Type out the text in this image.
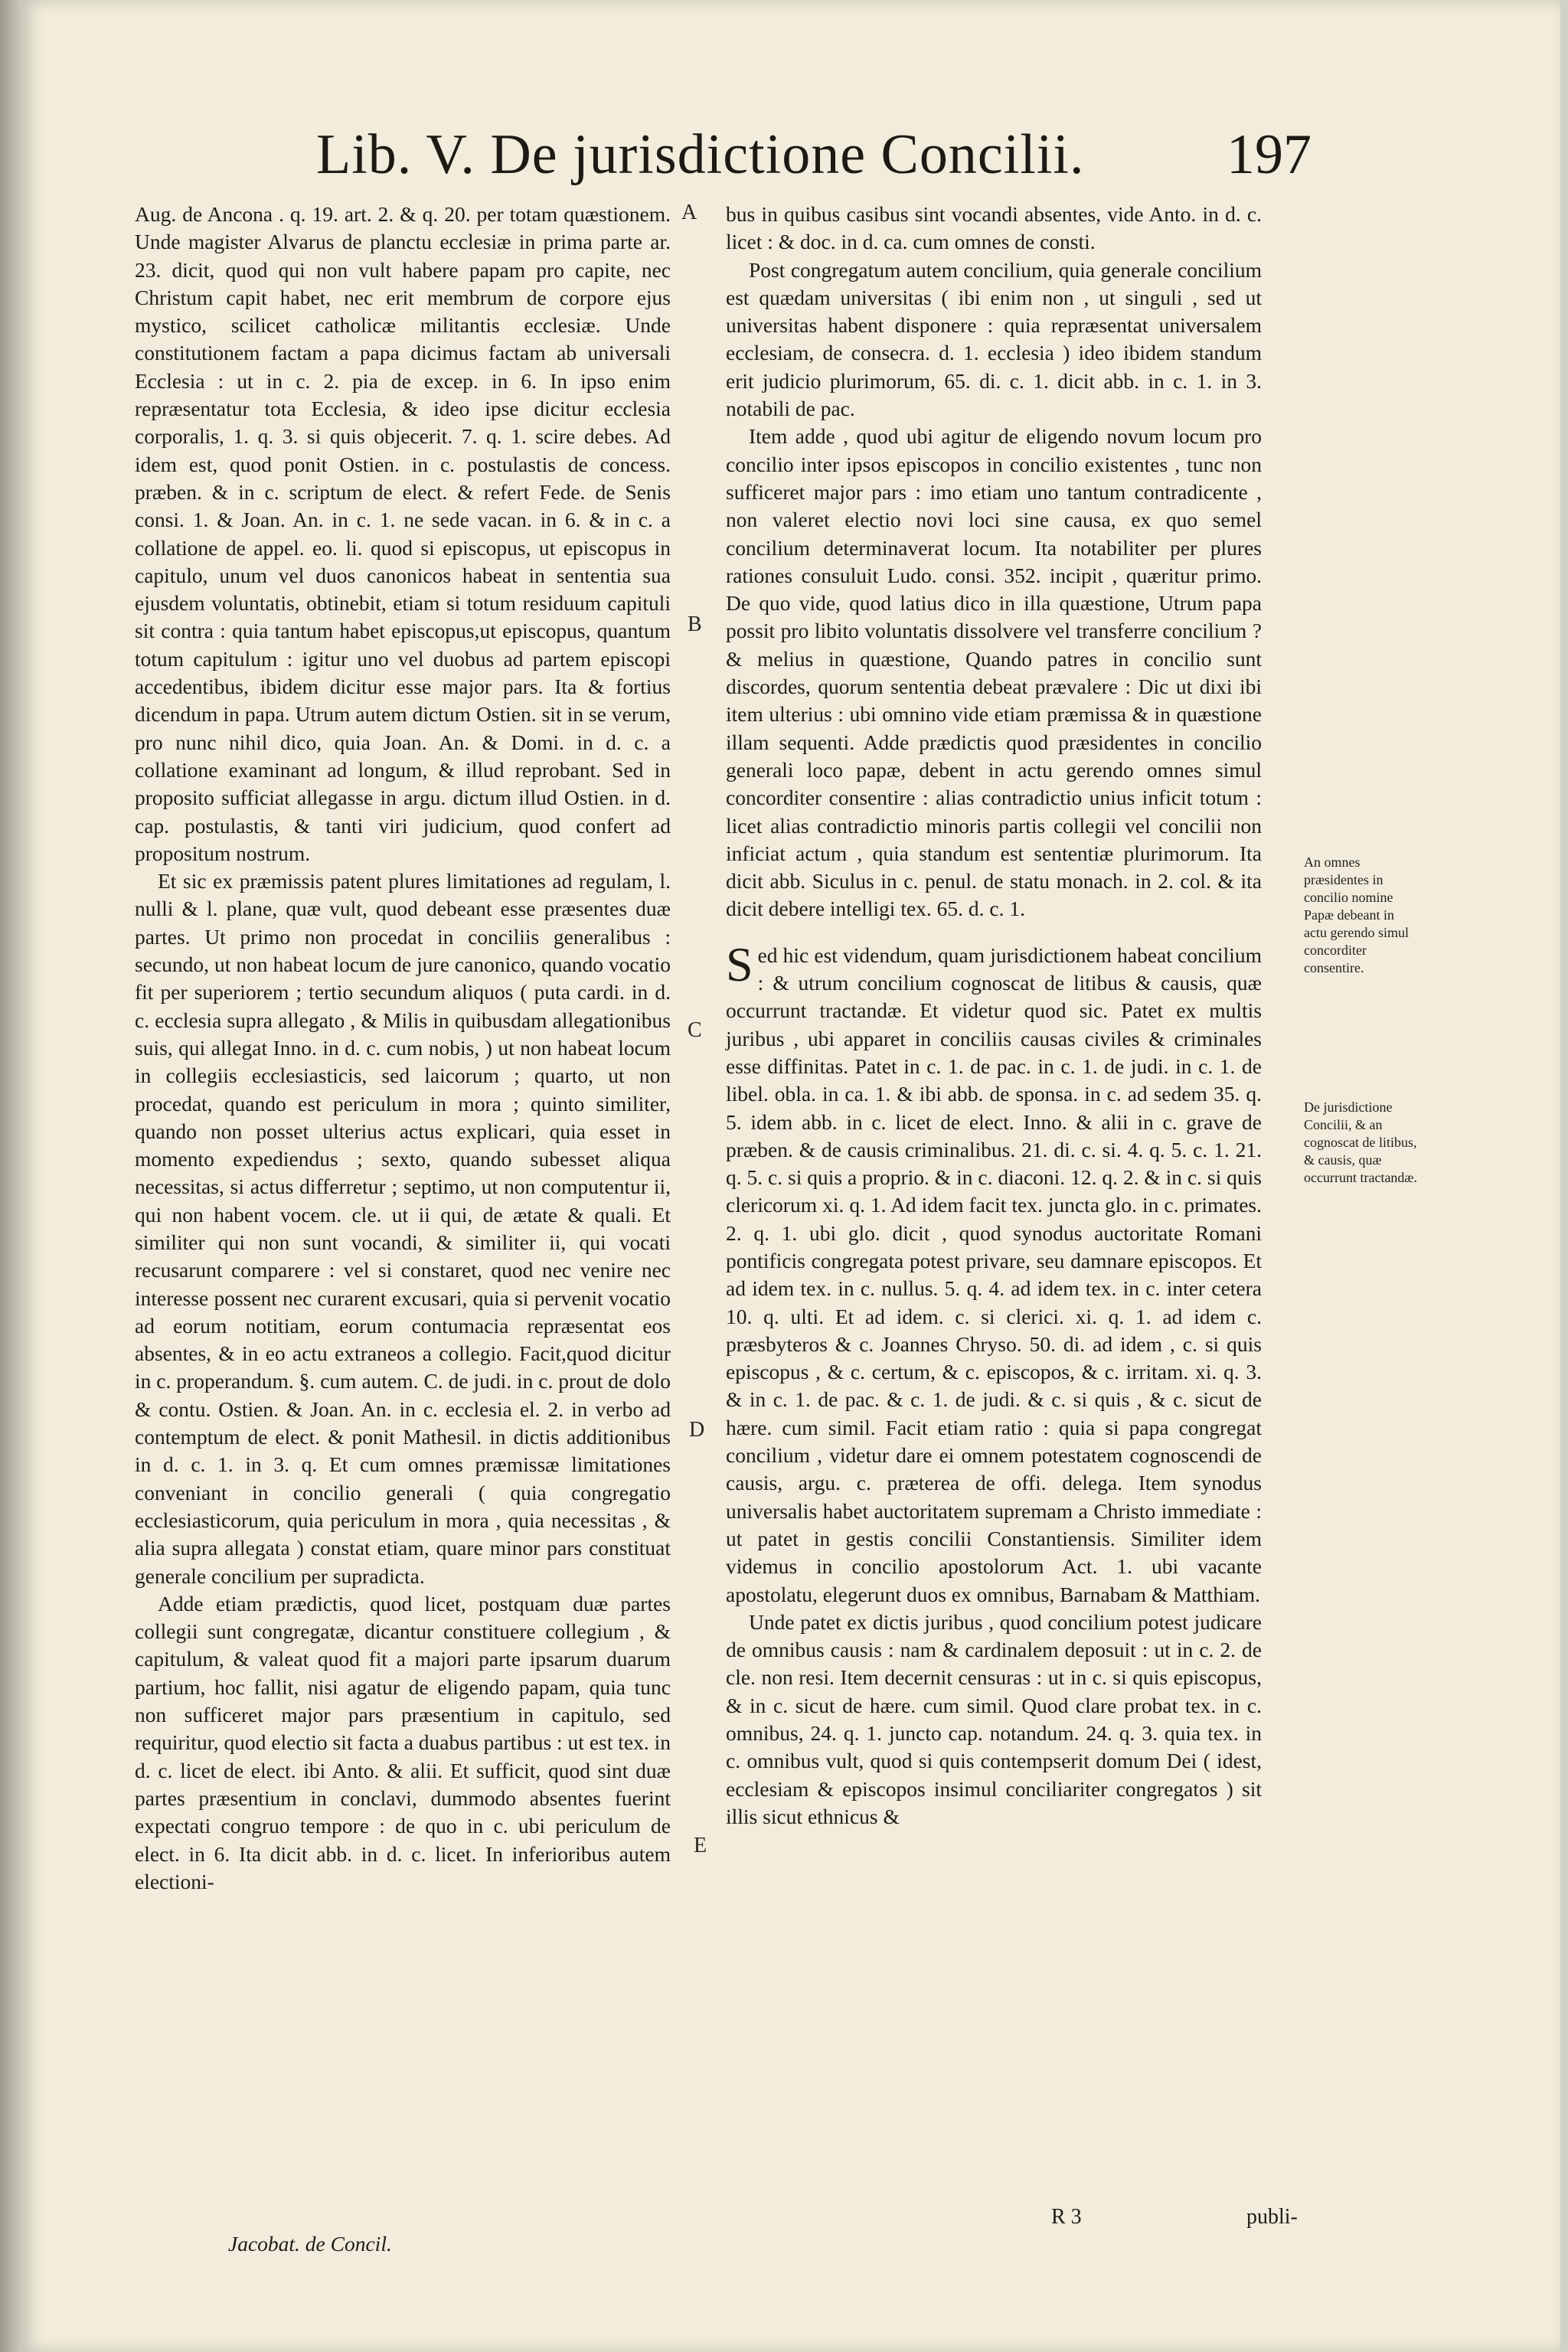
Lib. V. De jurisdictione Concilii.	197

Aug. de Ancona . q. 19. art. 2. & q. 20. per totam quæstionem. Unde magister Alvarus de planctu ecclesiæ in prima parte ar. 23. dicit, quod qui non vult habere papam pro capite, nec Christum capit habet, nec erit membrum de corpore ejus mystico, scilicet catholicæ militantis ecclesiæ. Unde constitutionem factam a papa dicimus factam ab universali Ecclesia : ut in c. 2. pia de excep. in 6. In ipso enim repræsentatur tota Ecclesia, & ideo ipse dicitur ecclesia corporalis, 1. q. 3. si quis objecerit. 7. q. 1. scire debes. Ad idem est, quod ponit Ostien. in c. postulastis de concess. præben. & in c. scriptum de elect. & refert Fede. de Senis consi. 1. & Joan. An. in c. 1. ne sede vacan. in 6. & in c. a collatione de appel. eo. li. quod si episcopus, ut episcopus in capitulo, unum vel duos canonicos habeat in sententia sua ejusdem voluntatis, obtinebit, etiam si totum residuum capituli sit contra : quia tantum habet episcopus,ut episcopus, quantum totum capitulum : igitur uno vel duobus ad partem episcopi accedentibus, ibidem dicitur esse major pars. Ita & fortius dicendum in papa. Utrum autem dictum Ostien. sit in se verum, pro nunc nihil dico, quia Joan. An. & Domi. in d. c. a collatione examinant ad longum, & illud reprobant. Sed in proposito sufficiat allegasse in argu. dictum illud Ostien. in d. cap. postulastis, & tanti viri judicium, quod confert ad propositum nostrum.

Et sic ex præmissis patent plures limitationes ad regulam, l. nulli & l. plane, quæ vult, quod debeant esse præsentes duæ partes. Ut primo non procedat in conciliis generalibus : secundo, ut non habeat locum de jure canonico, quando vocatio fit per superiorem ; tertio secundum aliquos ( puta cardi. in d. c. ecclesia supra allegato , & Milis in quibusdam allegationibus suis, qui allegat Inno. in d. c. cum nobis, ) ut non habeat locum in collegiis ecclesiasticis, sed laicorum ; quarto, ut non procedat, quando est periculum in mora ; quinto similiter, quando non posset ulterius actus explicari, quia esset in momento expediendus ; sexto, quando subesset aliqua necessitas, si actus differretur ; septimo, ut non computentur ii, qui non habent vocem. cle. ut ii qui, de ætate & quali. Et similiter qui non sunt vocandi, & similiter ii, qui vocati recusarunt comparere : vel si constaret, quod nec venire nec interesse possent nec curarent excusari, quia si pervenit vocatio ad eorum notitiam, eorum contumacia repræsentat eos absentes, & in eo actu extraneos a collegio. Facit,quod dicitur in c. properandum. §. cum autem. C. de judi. in c. prout de dolo & contu. Ostien. & Joan. An. in c. ecclesia el. 2. in verbo ad contemptum de elect. & ponit Mathesil. in dictis additionibus in d. c. 1. in 3. q. Et cum omnes præmissæ limitationes conveniant in concilio generali ( quia congregatio ecclesiasticorum, quia periculum in mora , quia necessitas , & alia supra allegata ) constat etiam, quare minor pars constituat generale concilium per supradicta.

Adde etiam prædictis, quod licet, postquam duæ partes collegii sunt congregatæ, dicantur constituere collegium , & capitulum, & valeat quod fit a majori parte ipsarum duarum partium, hoc fallit, nisi agatur de eligendo papam, quia tunc non sufficeret major pars præsentium in capitulo, sed requiritur, quod electio sit facta a duabus partibus : ut est tex. in d. c. licet de elect. ibi Anto. & alii. Et sufficit, quod sint duæ partes præsentium in conclavi, dummodo absentes fuerint expectati congruo tempore : de quo in c. ubi periculum de elect. in 6. Ita dicit abb. in d. c. licet. In inferioribus autem electioni-

bus in quibus casibus sint vocandi absentes, vide Anto. in d. c. licet : & doc. in d. ca. cum omnes de consti.

Post congregatum autem concilium, quia generale concilium est quædam universitas ( ibi enim non , ut singuli , sed ut universitas habent disponere : quia repræsentat universalem ecclesiam, de consecra. d. 1. ecclesia ) ideo ibidem standum erit judicio plurimorum, 65. di. c. 1. dicit abb. in c. 1. in 3. notabili de pac.

Item adde , quod ubi agitur de eligendo novum locum pro concilio inter ipsos episcopos in concilio existentes , tunc non sufficeret major pars : imo etiam uno tantum contradicente , non valeret electio novi loci sine causa, ex quo semel concilium determinaverat locum. Ita notabiliter per plures rationes consuluit Ludo. consi. 352. incipit , quæritur primo. De quo vide, quod latius dico in illa quæstione, Utrum papa possit pro libito voluntatis dissolvere vel transferre concilium ? & melius in quæstione, Quando patres in concilio sunt discordes, quorum sententia debeat prævalere : Dic ut dixi ibi item ulterius : ubi omnino vide etiam præmissa & in quæstione illam sequenti. Adde prædictis quod præsidentes in concilio generali loco papæ, debent in actu gerendo omnes simul concorditer consentire : alias contradictio unius inficit totum : licet alias contradictio minoris partis collegii vel concilii non inficiat actum , quia standum est sententiæ plurimorum. Ita dicit abb. Siculus in c. penul. de statu monach. in 2. col. & ita dicit debere intelligi tex. 65. d. c. 1.

Sed hic est videndum, quam jurisdictionem habeat concilium : & utrum concilium cognoscat de litibus & causis, quæ occurrunt tractandæ. Et videtur quod sic. Patet ex multis juribus , ubi apparet in conciliis causas civiles & criminales esse diffinitas. Patet in c. 1. de pac. in c. 1. de judi. in c. 1. de libel. obla. in ca. 1. & ibi abb. de sponsa. in c. ad sedem 35. q. 5. idem abb. in c. licet de elect. Inno. & alii in c. grave de præben. & de causis criminalibus. 21. di. c. si. 4. q. 5. c. 1. 21. q. 5. c. si quis a proprio. & in c. diaconi. 12. q. 2. & in c. si quis clericorum xi. q. 1. Ad idem facit tex. juncta glo. in c. primates. 2. q. 1. ubi glo. dicit , quod synodus auctoritate Romani pontificis congregata potest privare, seu damnare episcopos. Et ad idem tex. in c. nullus. 5. q. 4. ad idem tex. in c. inter cetera 10. q. ulti. Et ad idem. c. si clerici. xi. q. 1. ad idem c. præsbyteros & c. Joannes Chryso. 50. di. ad idem , c. si quis episcopus , & c. certum, & c. episcopos, & c. irritam. xi. q. 3. & in c. 1. de pac. & c. 1. de judi. & c. si quis , & c. sicut de hære. cum simil. Facit etiam ratio : quia si papa congregat concilium , videtur dare ei omnem potestatem cognoscendi de causis, argu. c. præterea de offi. delega. Item synodus universalis habet auctoritatem supremam a Christo immediate : ut patet in gestis concilii Constantiensis. Similiter idem videmus in concilio apostolorum Act. 1. ubi vacante apostolatu, elegerunt duos ex omnibus, Barnabam & Matthiam.

Unde patet ex dictis juribus , quod concilium potest judicare de omnibus causis : nam & cardinalem deposuit : ut in c. 2. de cle. non resi. Item decernit censuras : ut in c. si quis episcopus, & in c. sicut de hære. cum simil. Quod clare probat tex. in c. omnibus, 24. q. 1. juncto cap. notandum. 24. q. 3. quia tex. in c. omnibus vult, quod si quis contempserit domum Dei ( idest, ecclesiam & episcopos insimul conciliariter congregatos ) sit illis sicut ethnicus &

A
B
C
D
E
An omnes præsidentes in concilio nomine Papæ debeant in actu gerendo simul concorditer consentire.
De jurisdictione Concilii, & an cognoscat de litibus, & causis, quæ occurrunt tractandæ.
Jacobat. de Concil.
R 3	publi-
